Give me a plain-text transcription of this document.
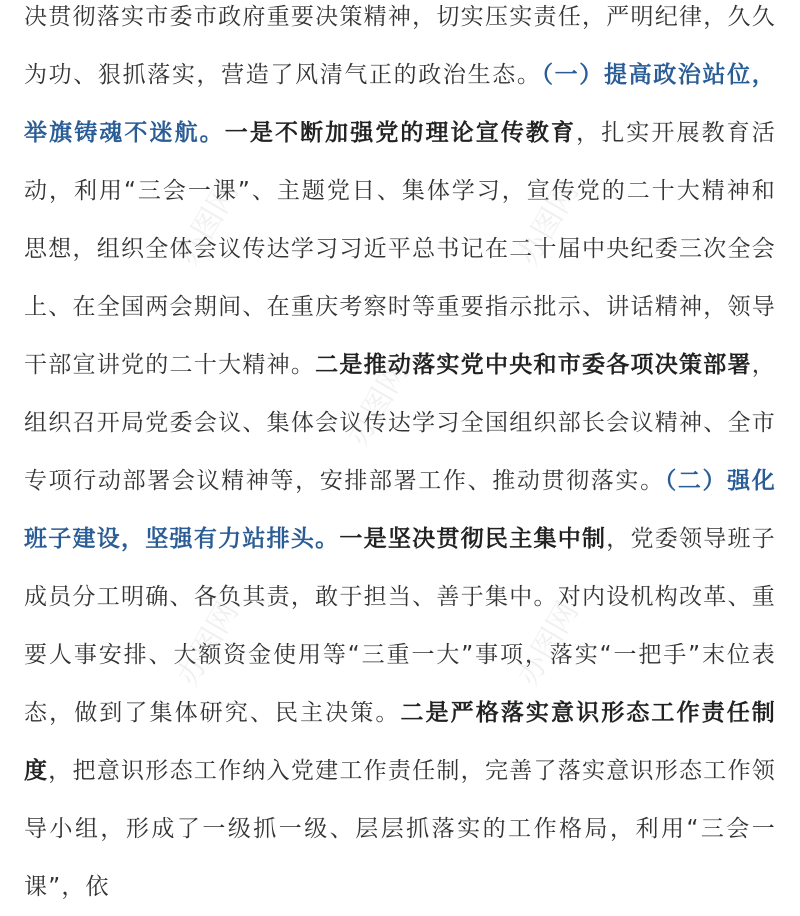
决贯彻落实市委市政府重要决策精神，切实压实责任，严明纪律，久久为功、狠抓落实，营造了风清气正的政治生态。（一）提高政治站位，举旗铸魂不迷航。一是不断加强党的理论宣传教育，扎实开展教育活动，利用“三会一课”、主题党日、集体学习，宣传党的二十大精神和思想，组织全体会议传达学习习近平总书记在二十届中央纪委三次全会上、在全国两会期间、在重庆考察时等重要指示批示、讲话精神，领导干部宣讲党的二十大精神。二是推动落实党中央和市委各项决策部署，组织召开局党委会议、集体会议传达学习全国组织部长会议精神、全市专项行动部署会议精神等，安排部署工作、推动贯彻落实。（二）强化班子建设，坚强有力站排头。一是坚决贯彻民主集中制，党委领导班子成员分工明确、各负其责，敢于担当、善于集中。对内设机构改革、重要人事安排、大额资金使用等“三重一大”事项，落实“一把手”末位表态，做到了集体研究、民主决策。二是严格落实意识形态工作责任制度，把意识形态工作纳入党建工作责任制，完善了落实意识形态工作领导小组，形成了一级抓一级、层层抓落实的工作格局，利用“三会一课”，依

办图网	办图网
办图网
办图网	办图网
